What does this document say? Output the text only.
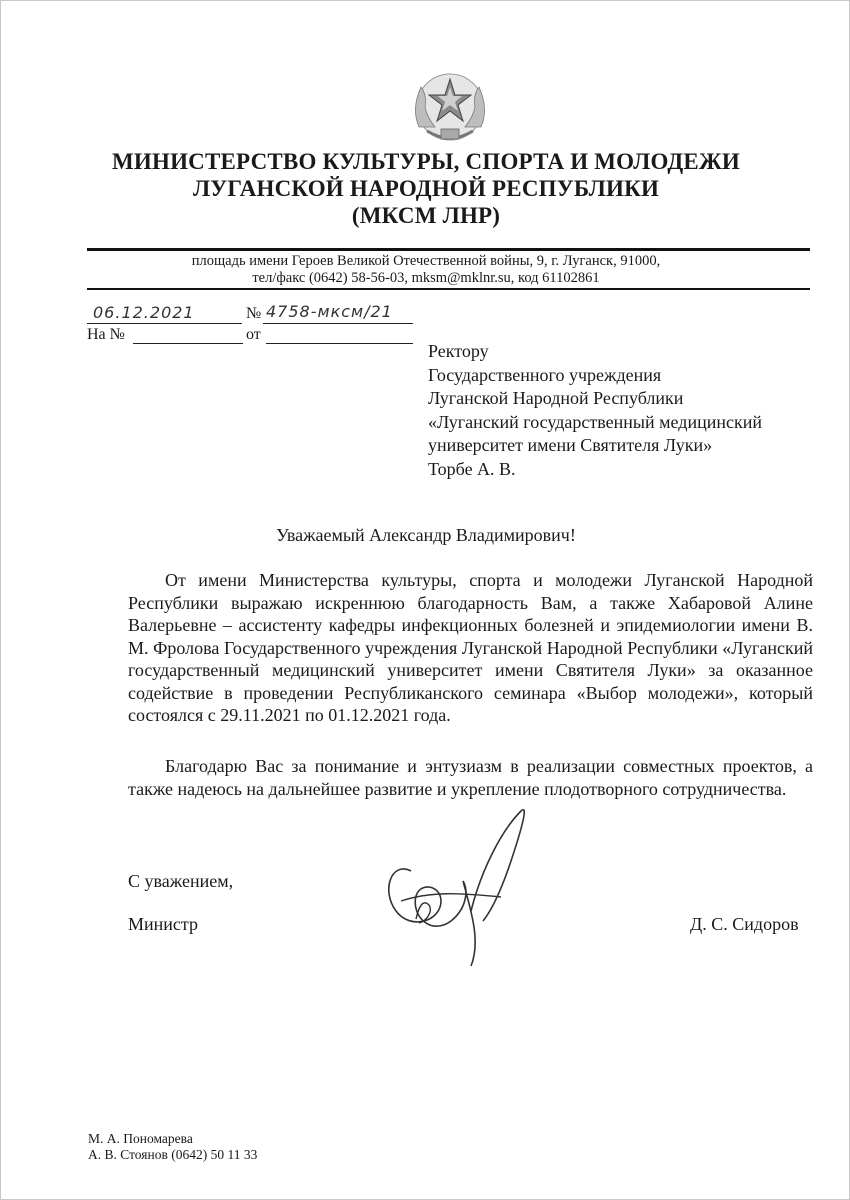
МИНИСТЕРСТВО КУЛЬТУРЫ, СПОРТА И МОЛОДЕЖИ
ЛУГАНСКОЙ НАРОДНОЙ РЕСПУБЛИКИ
(МКСМ ЛНР)
площадь имени Героев Великой Отечественной войны, 9, г. Луганск, 91000,
тел/факс (0642) 58-56-03, mksm@mklnr.su, код 61102861
06.12.2021	№ 4758-мксм/21
На №	от
Ректору
Государственного учреждения
Луганской Народной Республики
«Луганский государственный медицинский
университет имени Святителя Луки»
Торбе А. В.
Уважаемый Александр Владимирович!
От имени Министерства культуры, спорта и молодежи Луганской Народной Республики выражаю искреннюю благодарность Вам, а также Хабаровой Алине Валерьевне – ассистенту кафедры инфекционных болезней и эпидемиологии имени В. М. Фролова Государственного учреждения Луганской Народной Республики «Луганский государственный медицинский университет имени Святителя Луки» за оказанное содействие в проведении Республиканского семинара «Выбор молодежи», который состоялся с 29.11.2021 по 01.12.2021 года.
Благодарю Вас за понимание и энтузиазм в реализации совместных проектов, а также надеюсь на дальнейшее развитие и укрепление плодотворного сотрудничества.
С уважением,
Министр	Д. С. Сидоров
М. А. Пономарева
А. В. Стоянов (0642) 50 11 33
